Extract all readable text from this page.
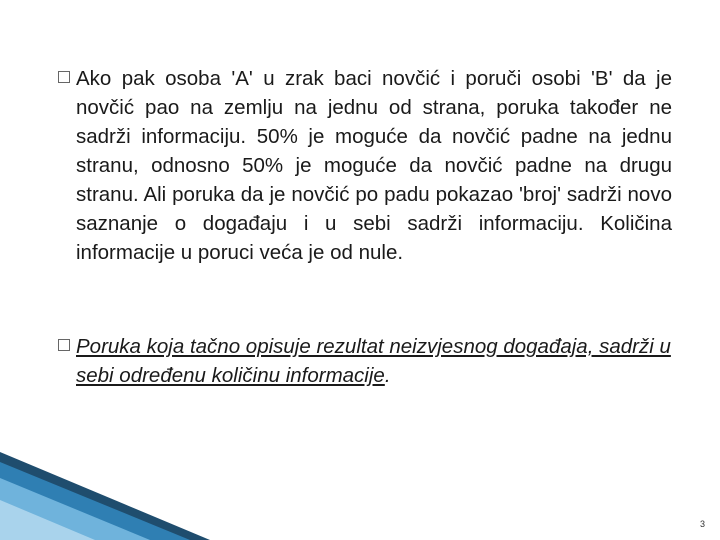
Ako pak osoba 'A' u zrak baci novčić i poruči osobi 'B' da je novčić pao na zemlju na jednu od strana, poruka također ne sadrži informaciju. 50% je moguće da novčić padne na jednu stranu, odnosno 50% je moguće da novčić padne na drugu stranu. Ali poruka da je novčić po padu pokazao 'broj' sadrži novo saznanje o događaju i u sebi sadrži informaciju. Količina informacije u poruci veća je od nule.
Poruka koja tačno opisuje rezultat neizvjesnog događaja, sadrži u sebi određenu količinu informacije.
3
